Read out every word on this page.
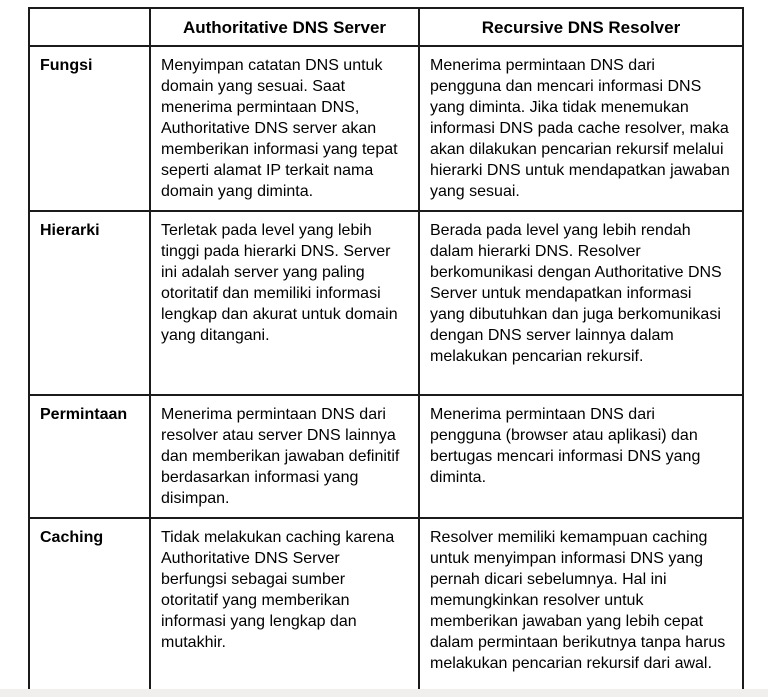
	Authoritative DNS Server	Recursive DNS Resolver
Fungsi	Menyimpan catatan DNS untuk domain yang sesuai. Saat menerima permintaan DNS, Authoritative DNS server akan memberikan informasi yang tepat seperti alamat IP terkait nama domain yang diminta.	Menerima permintaan DNS dari pengguna dan mencari informasi DNS yang diminta. Jika tidak menemukan informasi DNS pada cache resolver, maka akan dilakukan pencarian rekursif melalui hierarki DNS untuk mendapatkan jawaban yang sesuai.
Hierarki	Terletak pada level yang lebih tinggi pada hierarki DNS. Server ini adalah server yang paling otoritatif dan memiliki informasi lengkap dan akurat untuk domain yang ditangani.	Berada pada level yang lebih rendah dalam hierarki DNS. Resolver berkomunikasi dengan Authoritative DNS Server untuk mendapatkan informasi yang dibutuhkan dan juga berkomunikasi dengan DNS server lainnya dalam melakukan pencarian rekursif.
Permintaan	Menerima permintaan DNS dari resolver atau server DNS lainnya dan memberikan jawaban definitif berdasarkan informasi yang disimpan.	Menerima permintaan DNS dari pengguna (browser atau aplikasi) dan bertugas mencari informasi DNS yang diminta.
Caching	Tidak melakukan caching karena Authoritative DNS Server berfungsi sebagai sumber otoritatif yang memberikan informasi yang lengkap dan mutakhir.	Resolver memiliki kemampuan caching untuk menyimpan informasi DNS yang pernah dicari sebelumnya. Hal ini memungkinkan resolver untuk memberikan jawaban yang lebih cepat dalam permintaan berikutnya tanpa harus melakukan pencarian rekursif dari awal.
